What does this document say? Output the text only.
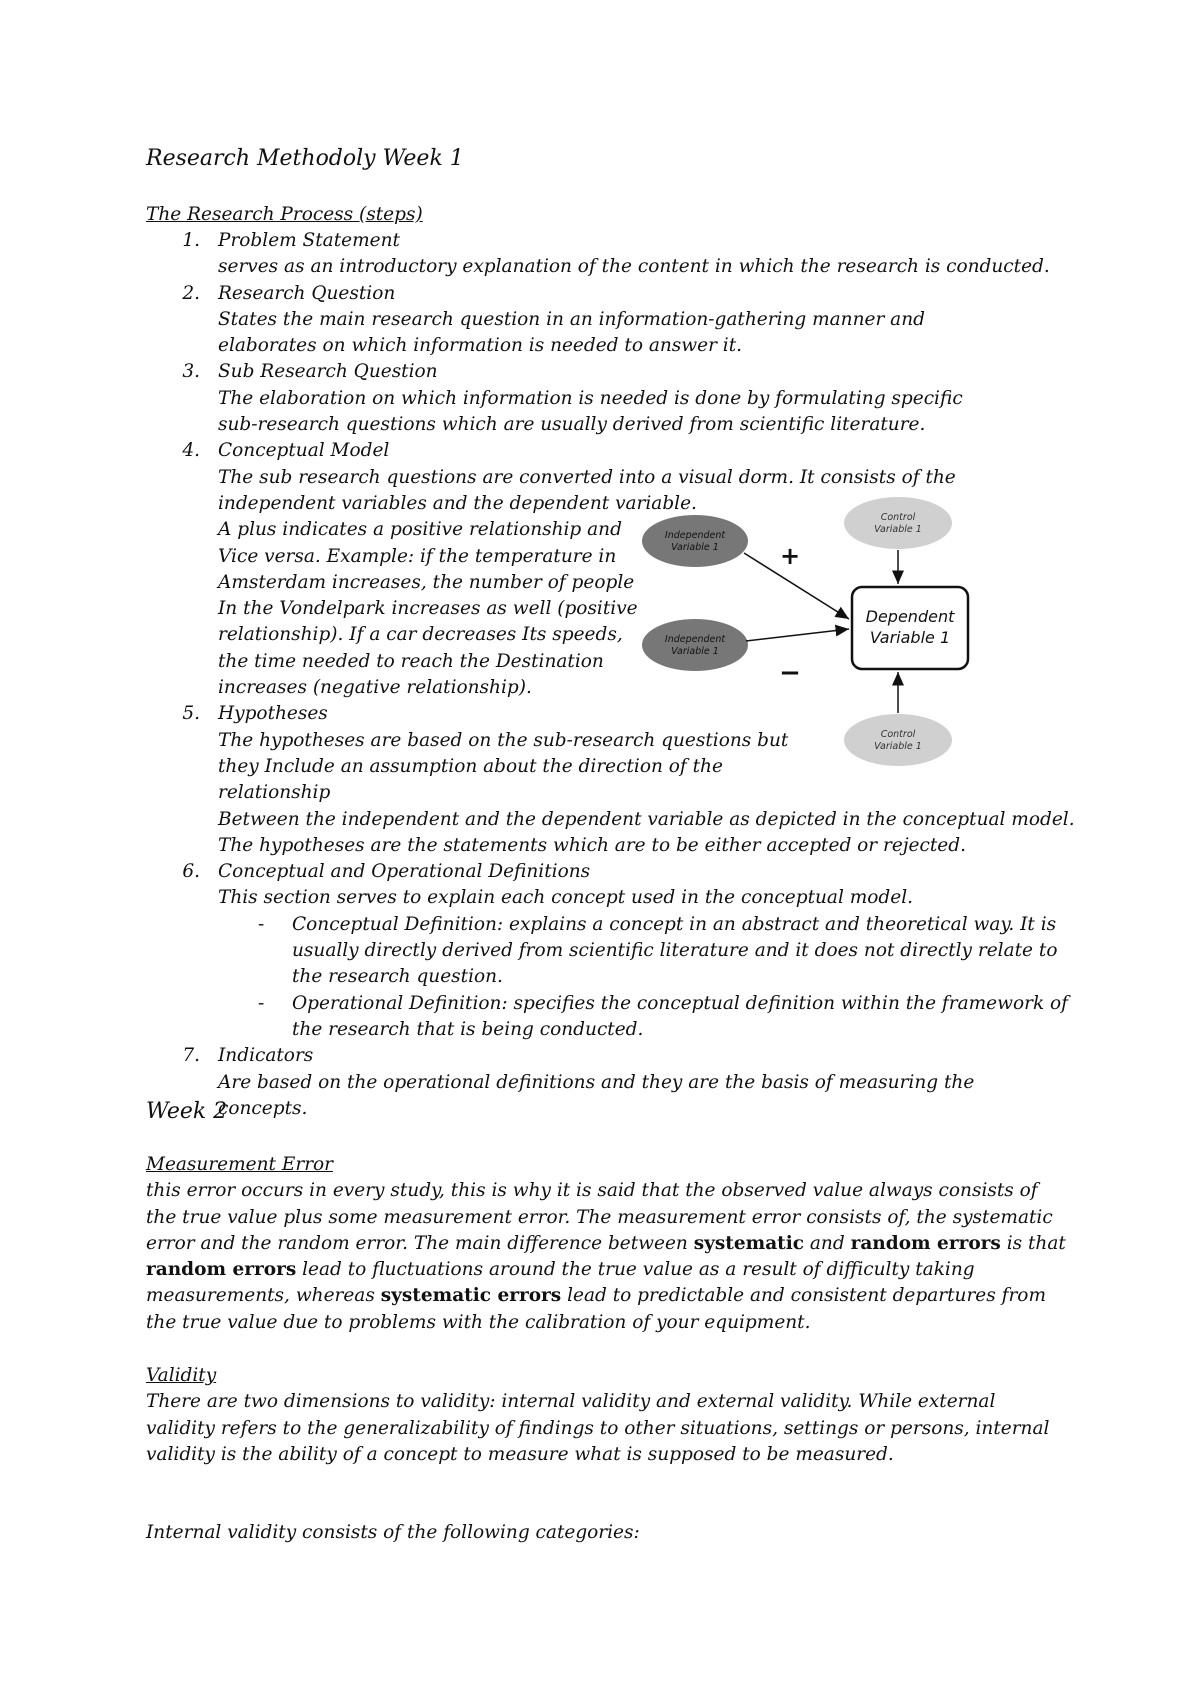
Research Methodoly Week 1
The Research Process (steps)
1. Problem Statement
serves as an introductory explanation of the content in which the research is conducted.
2. Research Question
States the main research question in an information-gathering manner and elaborates on which information is needed to answer it.
3. Sub Research Question
The elaboration on which information is needed is done by formulating specific sub-research questions which are usually derived from scientific literature.
4. Conceptual Model
The sub research questions are converted into a visual dorm. It consists of the independent variables and the dependent variable.
A plus indicates a positive relationship and Vice versa. Example: if the temperature in Amsterdam increases, the number of people In the Vondelpark increases as well (positive relationship). If a car decreases Its speeds, the time needed to reach the Destination increases (negative relationship).
5. Hypotheses
The hypotheses are based on the sub-research questions but they Include an assumption about the direction of the relationship
Between the independent and the dependent variable as depicted in the conceptual model. The hypotheses are the statements which are to be either accepted or rejected.
6. Conceptual and Operational Definitions
This section serves to explain each concept used in the conceptual model.
- Conceptual Definition: explains a concept in an abstract and theoretical way. It is usually directly derived from scientific literature and it does not directly relate to the research question.
- Operational Definition: specifies the conceptual definition within the framework of the research that is being conducted.
7. Indicators
Are based on the operational definitions and they are the basis of measuring the concepts.
Control
Variable 1
Independent
Variable 1
Independent
Variable 1
Dependent
Variable 1
Control
Variable 1
+
−
Week 2
Measurement Error
this error occurs in every study, this is why it is said that the observed value always consists of the true value plus some measurement error. The measurement error consists of, the systematic error and the random error. The main difference between systematic and random errors is that random errors lead to fluctuations around the true value as a result of difficulty taking measurements, whereas systematic errors lead to predictable and consistent departures from the true value due to problems with the calibration of your equipment.
Validity
There are two dimensions to validity: internal validity and external validity. While external validity refers to the generalizability of findings to other situations, settings or persons, internal validity is the ability of a concept to measure what is supposed to be measured.
Internal validity consists of the following categories:
